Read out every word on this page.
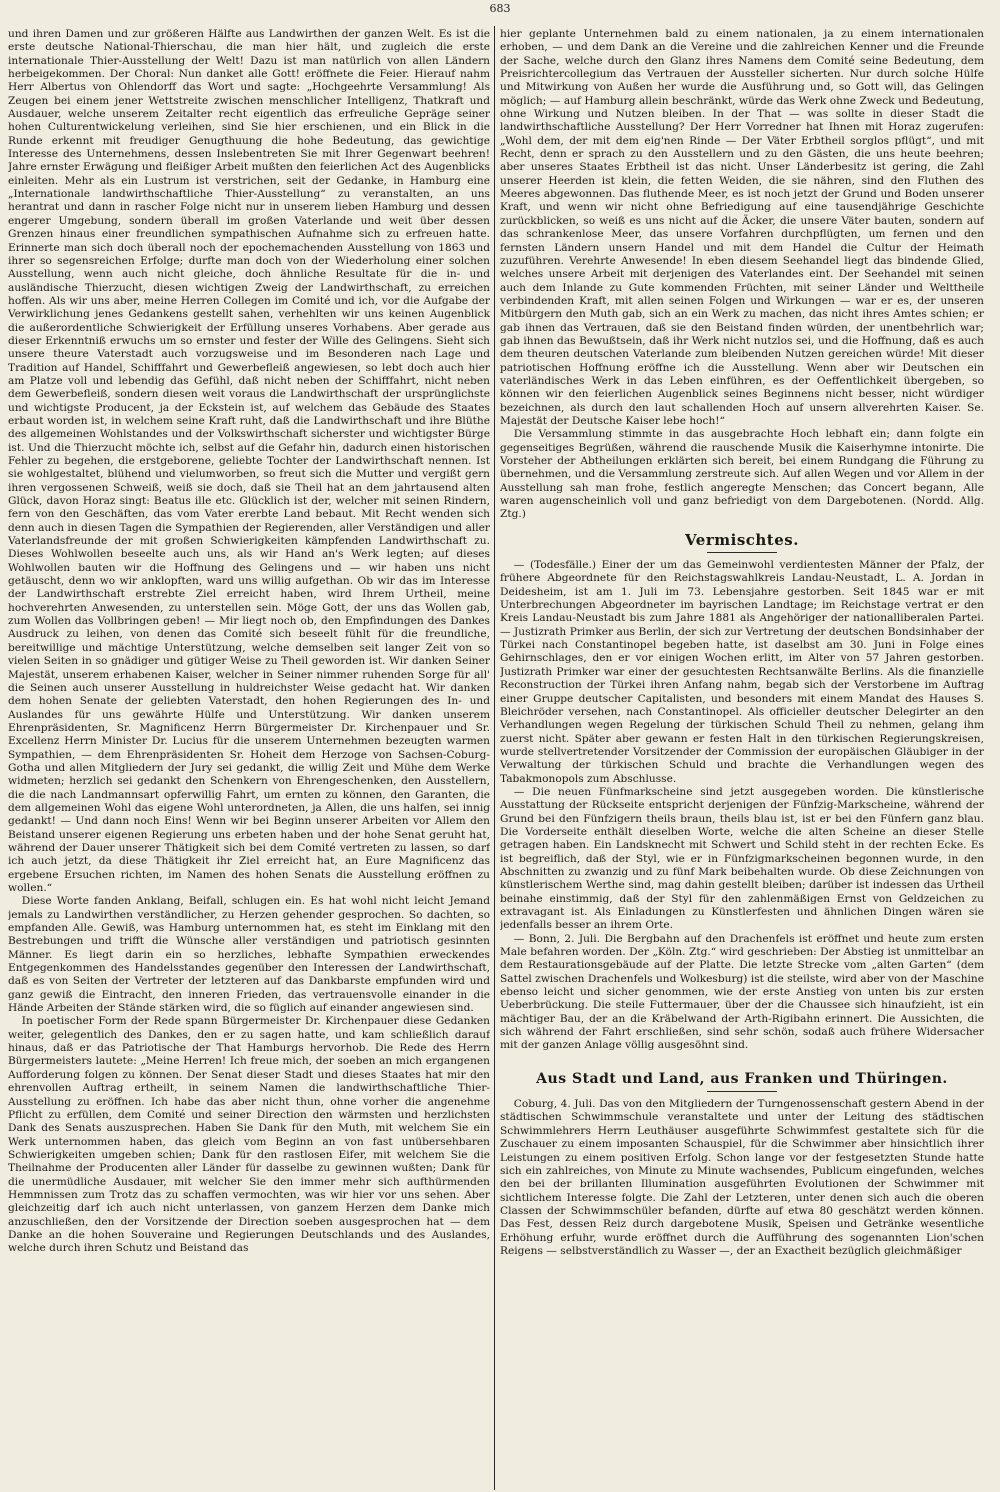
683

und ihren Damen und zur größeren Hälfte aus Landwirthen der ganzen Welt. Es ist die erste deutsche National-Thierschau, die man hier hält, und zugleich die erste internationale Thier-Ausstellung der Welt! Dazu ist man natürlich von allen Ländern herbeigekommen. Der Choral: Nun danket alle Gott! eröffnete die Feier. Hierauf nahm Herr Albertus von Ohlendorff das Wort und sagte: „Hochgeehrte Versammlung! Als Zeugen bei einem jener Wettstreite zwischen menschlicher Intelligenz, Thatkraft und Ausdauer, welche unserem Zeitalter recht eigentlich das erfreuliche Gepräge seiner hohen Culturentwickelung verleihen, sind Sie hier erschienen, und ein Blick in die Runde erkennt mit freudiger Genugthuung die hohe Bedeutung, das gewichtige Interesse des Unternehmens, dessen Inslebentreten Sie mit Ihrer Gegenwart beehren! Jahre ernster Erwägung und fleißiger Arbeit mußten den feierlichen Act des Augenblicks einleiten. Mehr als ein Lustrum ist verstrichen, seit der Gedanke, in Hamburg eine „Internationale landwirthschaftliche Thier-Ausstellung“ zu veranstalten, an uns herantrat und dann in rascher Folge nicht nur in unserem lieben Hamburg und dessen engerer Umgebung, sondern überall im großen Vaterlande und weit über dessen Grenzen hinaus einer freundlichen sympathischen Aufnahme sich zu erfreuen hatte. Erinnerte man sich doch überall noch der epochemachenden Ausstellung von 1863 und ihrer so segensreichen Erfolge; durfte man doch von der Wiederholung einer solchen Ausstellung, wenn auch nicht gleiche, doch ähnliche Resultate für die in- und ausländische Thierzucht, diesen wichtigen Zweig der Landwirthschaft, zu erreichen hoffen. Als wir uns aber, meine Herren Collegen im Comité und ich, vor die Aufgabe der Verwirklichung jenes Gedankens gestellt sahen, verhehlten wir uns keinen Augenblick die außerordentliche Schwierigkeit der Erfüllung unseres Vorhabens. Aber gerade aus dieser Erkenntniß erwuchs um so ernster und fester der Wille des Gelingens. Sieht sich unsere theure Vaterstadt auch vorzugsweise und im Besonderen nach Lage und Tradition auf Handel, Schifffahrt und Gewerbefleiß angewiesen, so lebt doch auch hier am Platze voll und lebendig das Gefühl, daß nicht neben der Schifffahrt, nicht neben dem Gewerbefleiß, sondern diesen weit voraus die Landwirthschaft der ursprünglichste und wichtigste Producent, ja der Eckstein ist, auf welchem das Gebäude des Staates erbaut worden ist, in welchem seine Kraft ruht, daß die Landwirthschaft und ihre Blüthe des allgemeinen Wohlstandes und der Volkswirthschaft sicherster und wichtigster Bürge ist. Und die Thierzucht möchte ich, selbst auf die Gefahr hin, dadurch einen historischen Fehler zu begehen, die erstgeborene, geliebte Tochter der Landwirthschaft nennen. Ist sie wohlgestaltet, blühend und vielumworben, so freut sich die Mutter und vergißt gern ihren vergossenen Schweiß, weiß sie doch, daß sie Theil hat an dem jahrtausend alten Glück, davon Horaz singt: Beatus ille etc. Glücklich ist der, welcher mit seinen Rindern, fern von den Geschäften, das vom Vater ererbte Land bebaut. Mit Recht wenden sich denn auch in diesen Tagen die Sympathien der Regierenden, aller Verständigen und aller Vaterlandsfreunde der mit großen Schwierigkeiten kämpfenden Landwirthschaft zu. Dieses Wohlwollen beseelte auch uns, als wir Hand an's Werk legten; auf dieses Wohlwollen bauten wir die Hoffnung des Gelingens und — wir haben uns nicht getäuscht, denn wo wir anklopften, ward uns willig aufgethan. Ob wir das im Interesse der Landwirthschaft erstrebte Ziel erreicht haben, wird Ihrem Urtheil, meine hochverehrten Anwesenden, zu unterstellen sein. Möge Gott, der uns das Wollen gab, zum Wollen das Vollbringen geben! — Mir liegt noch ob, den Empfindungen des Dankes Ausdruck zu leihen, von denen das Comité sich beseelt fühlt für die freundliche, bereitwillige und mächtige Unterstützung, welche demselben seit langer Zeit von so vielen Seiten in so gnädiger und gütiger Weise zu Theil geworden ist. Wir danken Seiner Majestät, unserem erhabenen Kaiser, welcher in Seiner nimmer ruhenden Sorge für all' die Seinen auch unserer Ausstellung in huldreichster Weise gedacht hat. Wir danken dem hohen Senate der geliebten Vaterstadt, den hohen Regierungen des In- und Auslandes für uns gewährte Hülfe und Unterstützung. Wir danken unserem Ehrenpräsidenten, Sr. Magnificenz Herrn Bürgermeister Dr. Kirchenpauer und Sr. Excellenz Herrn Minister Dr. Lucius für die unserem Unternehmen bezeugten warmen Sympathien, — dem Ehrenpräsidenten Sr. Hoheit dem Herzoge von Sachsen-Coburg-Gotha und allen Mitgliedern der Jury sei gedankt, die willig Zeit und Mühe dem Werke widmeten; herzlich sei gedankt den Schenkern von Ehrengeschenken, den Ausstellern, die die nach Landmannsart opferwillig Fahrt, um ernten zu können, den Garanten, die dem allgemeinen Wohl das eigene Wohl unterordneten, ja Allen, die uns halfen, sei innig gedankt! — Und dann noch Eins! Wenn wir bei Beginn unserer Arbeiten vor Allem den Beistand unserer eigenen Regierung uns erbeten haben und der hohe Senat geruht hat, während der Dauer unserer Thätigkeit sich bei dem Comité vertreten zu lassen, so darf ich auch jetzt, da diese Thätigkeit ihr Ziel erreicht hat, an Eure Magnificenz das ergebene Ersuchen richten, im Namen des hohen Senats die Ausstellung eröffnen zu wollen.“

Diese Worte fanden Anklang, Beifall, schlugen ein. Es hat wohl nicht leicht Jemand jemals zu Landwirthen verständlicher, zu Herzen gehender gesprochen. So dachten, so empfanden Alle. Gewiß, was Hamburg unternommen hat, es steht im Einklang mit den Bestrebungen und trifft die Wünsche aller verständigen und patriotisch gesinnten Männer. Es liegt darin ein so herzliches, lebhafte Sympathien erweckendes Entgegenkommen des Handelsstandes gegenüber den Interessen der Landwirthschaft, daß es von Seiten der Vertreter der letzteren auf das Dankbarste empfunden wird und ganz gewiß die Eintracht, den inneren Frieden, das vertrauensvolle einander in die Hände Arbeiten der Stände stärken wird, die so füglich auf einander angewiesen sind.

In poetischer Form der Rede spann Bürgermeister Dr. Kirchenpauer diese Gedanken weiter, gelegentlich des Dankes, den er zu sagen hatte, und kam schließlich darauf hinaus, daß er das Patriotische der That Hamburgs hervorhob. Die Rede des Herrn Bürgermeisters lautete: „Meine Herren! Ich freue mich, der soeben an mich ergangenen Aufforderung folgen zu können. Der Senat dieser Stadt und dieses Staates hat mir den ehrenvollen Auftrag ertheilt, in seinem Namen die landwirthschaftliche Thier-Ausstellung zu eröffnen. Ich habe das aber nicht thun, ohne vorher die angenehme Pflicht zu erfüllen, dem Comité und seiner Direction den wärmsten und herzlichsten Dank des Senats auszusprechen. Haben Sie Dank für den Muth, mit welchem Sie ein Werk unternommen haben, das gleich vom Beginn an von fast unübersehbaren Schwierigkeiten umgeben schien; Dank für den rastlosen Eifer, mit welchem Sie die Theilnahme der Producenten aller Länder für dasselbe zu gewinnen wußten; Dank für die unermüdliche Ausdauer, mit welcher Sie den immer mehr sich aufthürmenden Hemmnissen zum Trotz das zu schaffen vermochten, was wir hier vor uns sehen. Aber gleichzeitig darf ich auch nicht unterlassen, von ganzem Herzen dem Danke mich anzuschließen, den der Vorsitzende der Direction soeben ausgesprochen hat — dem Danke an die hohen Souveraine und Regierungen Deutschlands und des Auslandes, welche durch ihren Schutz und Beistand das

hier geplante Unternehmen bald zu einem nationalen, ja zu einem internationalen erhoben, — und dem Dank an die Vereine und die zahlreichen Kenner und die Freunde der Sache, welche durch den Glanz ihres Namens dem Comité seine Bedeutung, dem Preisrichtercollegium das Vertrauen der Aussteller sicherten. Nur durch solche Hülfe und Mitwirkung von Außen her wurde die Ausführung und, so Gott will, das Gelingen möglich; — auf Hamburg allein beschränkt, würde das Werk ohne Zweck und Bedeutung, ohne Wirkung und Nutzen bleiben. In der That — was sollte in dieser Stadt die landwirthschaftliche Ausstellung? Der Herr Vorredner hat Ihnen mit Horaz zugerufen: „Wohl dem, der mit dem eig'nen Rinde — Der Väter Erbtheil sorglos pflügt“, und mit Recht, denn er sprach zu den Ausstellern und zu den Gästen, die uns heute beehren; aber unseres Staates Erbtheil ist das nicht. Unser Länderbesitz ist gering, die Zahl unserer Heerden ist klein, die fetten Weiden, die sie nähren, sind den Fluthen des Meeres abgewonnen. Das fluthende Meer, es ist noch jetzt der Grund und Boden unserer Kraft, und wenn wir nicht ohne Befriedigung auf eine tausendjährige Geschichte zurückblicken, so weiß es uns nicht auf die Äcker, die unsere Väter bauten, sondern auf das schrankenlose Meer, das unsere Vorfahren durchpflügten, um fernen und den fernsten Ländern unsern Handel und mit dem Handel die Cultur der Heimath zuzuführen. Verehrte Anwesende! In eben diesem Seehandel liegt das bindende Glied, welches unsere Arbeit mit derjenigen des Vaterlandes eint. Der Seehandel mit seinen auch dem Inlande zu Gute kommenden Früchten, mit seiner Länder und Welttheile verbindenden Kraft, mit allen seinen Folgen und Wirkungen — war er es, der unseren Mitbürgern den Muth gab, sich an ein Werk zu machen, das nicht ihres Amtes schien; er gab ihnen das Vertrauen, daß sie den Beistand finden würden, der unentbehrlich war; gab ihnen das Bewußtsein, daß ihr Werk nicht nutzlos sei, und die Hoffnung, daß es auch dem theuren deutschen Vaterlande zum bleibenden Nutzen gereichen würde! Mit dieser patriotischen Hoffnung eröffne ich die Ausstellung. Wenn aber wir Deutschen ein vaterländisches Werk in das Leben einführen, es der Oeffentlichkeit übergeben, so können wir den feierlichen Augenblick seines Beginnens nicht besser, nicht würdiger bezeichnen, als durch den laut schallenden Hoch auf unsern allverehrten Kaiser. Se. Majestät der Deutsche Kaiser lebe hoch!“

Die Versammlung stimmte in das ausgebrachte Hoch lebhaft ein; dann folgte ein gegenseitiges Begrüßen, während die rauschende Musik die Kaiserhymne intonirte. Die Vorsteher der Abtheilungen erklärten sich bereit, bei einem Rundgang die Führung zu übernehmen, und die Versammlung zerstreute sich. Auf allen Wegen und vor Allem in der Ausstellung sah man frohe, festlich angeregte Menschen; das Concert begann, Alle waren augenscheinlich voll und ganz befriedigt von dem Dargebotenen. (Nordd. Allg. Ztg.)

Vermischtes.

— (Todesfälle.) Einer der um das Gemeinwohl verdientesten Männer der Pfalz, der frühere Abgeordnete für den Reichstagswahlkreis Landau-Neustadt, L. A. Jordan in Deidesheim, ist am 1. Juli im 73. Lebensjahre gestorben. Seit 1845 war er mit Unterbrechungen Abgeordneter im bayrischen Landtage; im Reichstage vertrat er den Kreis Landau-Neustadt bis zum Jahre 1881 als Angehöriger der nationalliberalen Partei. — Justizrath Primker aus Berlin, der sich zur Vertretung der deutschen Bondsinhaber der Türkei nach Constantinopel begeben hatte, ist daselbst am 30. Juni in Folge eines Gehirnschlages, den er vor einigen Wochen erlitt, im Alter von 57 Jahren gestorben. Justizrath Primker war einer der gesuchtesten Rechtsanwälte Berlins. Als die finanzielle Reconstruction der Türkei ihren Anfang nahm, begab sich der Verstorbene im Auftrag einer Gruppe deutscher Capitalisten, und besonders mit einem Mandat des Hauses S. Bleichröder versehen, nach Constantinopel. Als officieller deutscher Delegirter an den Verhandlungen wegen Regelung der türkischen Schuld Theil zu nehmen, gelang ihm zuerst nicht. Später aber gewann er festen Halt in den türkischen Regierungskreisen, wurde stellvertretender Vorsitzender der Commission der europäischen Gläubiger in der Verwaltung der türkischen Schuld und brachte die Verhandlungen wegen des Tabakmonopols zum Abschlusse.

— Die neuen Fünfmarkscheine sind jetzt ausgegeben worden. Die künstlerische Ausstattung der Rückseite entspricht derjenigen der Fünfzig-Markscheine, während der Grund bei den Fünfzigern theils braun, theils blau ist, ist er bei den Fünfern ganz blau. Die Vorderseite enthält dieselben Worte, welche die alten Scheine an dieser Stelle getragen haben. Ein Landsknecht mit Schwert und Schild steht in der rechten Ecke. Es ist begreiflich, daß der Styl, wie er in Fünfzigmarkscheinen begonnen wurde, in den Abschnitten zu zwanzig und zu fünf Mark beibehalten wurde. Ob diese Zeichnungen von künstlerischem Werthe sind, mag dahin gestellt bleiben; darüber ist indessen das Urtheil beinahe einstimmig, daß der Styl für den zahlenmäßigen Ernst von Geldzeichen zu extravagant ist. Als Einladungen zu Künstlerfesten und ähnlichen Dingen wären sie jedenfalls besser an ihrem Orte.

— Bonn, 2. Juli. Die Bergbahn auf den Drachenfels ist eröffnet und heute zum ersten Male befahren worden. Der „Köln. Ztg.“ wird geschrieben: Der Abstieg ist unmittelbar an dem Restaurationsgebäude auf der Platte. Die letzte Strecke vom „alten Garten“ (dem Sattel zwischen Drachenfels und Wolkesburg) ist die steilste, wird aber von der Maschine ebenso leicht und sicher genommen, wie der erste Anstieg von unten bis zur ersten Ueberbrückung. Die steile Futtermauer, über der die Chaussee sich hinaufzieht, ist ein mächtiger Bau, der an die Kräbelwand der Arth-Rigibahn erinnert. Die Aussichten, die sich während der Fahrt erschließen, sind sehr schön, sodaß auch frühere Widersacher mit der ganzen Anlage völlig ausgesöhnt sind.

Aus Stadt und Land, aus Franken und Thüringen.

Coburg, 4. Juli. Das von den Mitgliedern der Turngenossenschaft gestern Abend in der städtischen Schwimmschule veranstaltete und unter der Leitung des städtischen Schwimmlehrers Herrn Leuthäuser ausgeführte Schwimmfest gestaltete sich für die Zuschauer zu einem imposanten Schauspiel, für die Schwimmer aber hinsichtlich ihrer Leistungen zu einem positiven Erfolg. Schon lange vor der festgesetzten Stunde hatte sich ein zahlreiches, von Minute zu Minute wachsendes, Publicum eingefunden, welches den bei der brillanten Illumination ausgeführten Evolutionen der Schwimmer mit sichtlichem Interesse folgte. Die Zahl der Letzteren, unter denen sich auch die oberen Classen der Schwimmschüler befanden, dürfte auf etwa 80 geschätzt werden können. Das Fest, dessen Reiz durch dargebotene Musik, Speisen und Getränke wesentliche Erhöhung erfuhr, wurde eröffnet durch die Aufführung des sogenannten Lion'schen Reigens — selbstverständlich zu Wasser —, der an Exactheit bezüglich gleichmäßiger
